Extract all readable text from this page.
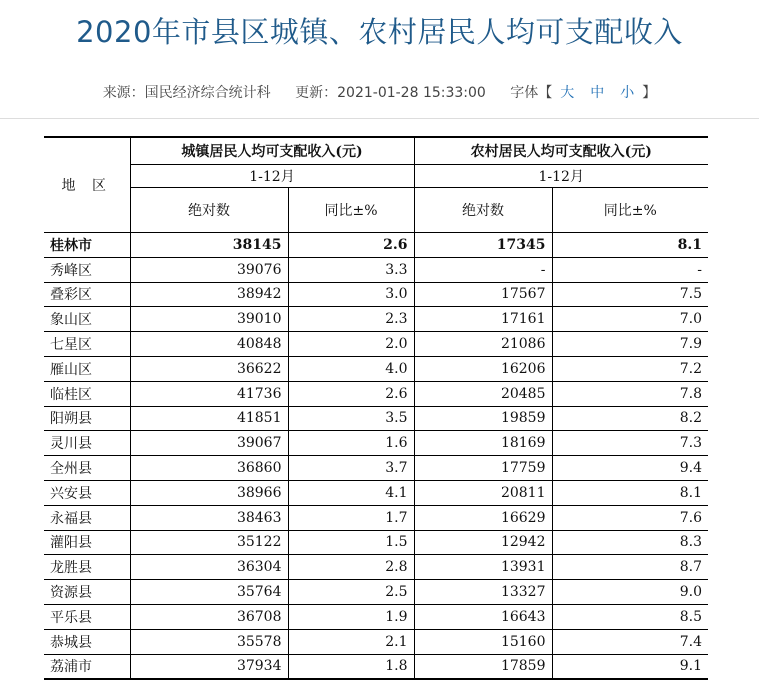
2020年市县区城镇、农村居民人均可支配收入
来源：国民经济综合统计科 更新：2021-01-28 15:33:00 字体【 大 中 小 】
地 区	城镇居民人均可支配收入(元)		农村居民人均可支配收入(元)	
	1-12月		1-12月	
	绝对数	同比±%	绝对数	同比±%
桂林市	38145	2.6	17345	8.1
秀峰区	39076	3.3	-	-
叠彩区	38942	3.0	17567	7.5
象山区	39010	2.3	17161	7.0
七星区	40848	2.0	21086	7.9
雁山区	36622	4.0	16206	7.2
临桂区	41736	2.6	20485	7.8
阳朔县	41851	3.5	19859	8.2
灵川县	39067	1.6	18169	7.3
全州县	36860	3.7	17759	9.4
兴安县	38966	4.1	20811	8.1
永福县	38463	1.7	16629	7.6
灌阳县	35122	1.5	12942	8.3
龙胜县	36304	2.8	13931	8.7
资源县	35764	2.5	13327	9.0
平乐县	36708	1.9	16643	8.5
恭城县	35578	2.1	15160	7.4
荔浦市	37934	1.8	17859	9.1
